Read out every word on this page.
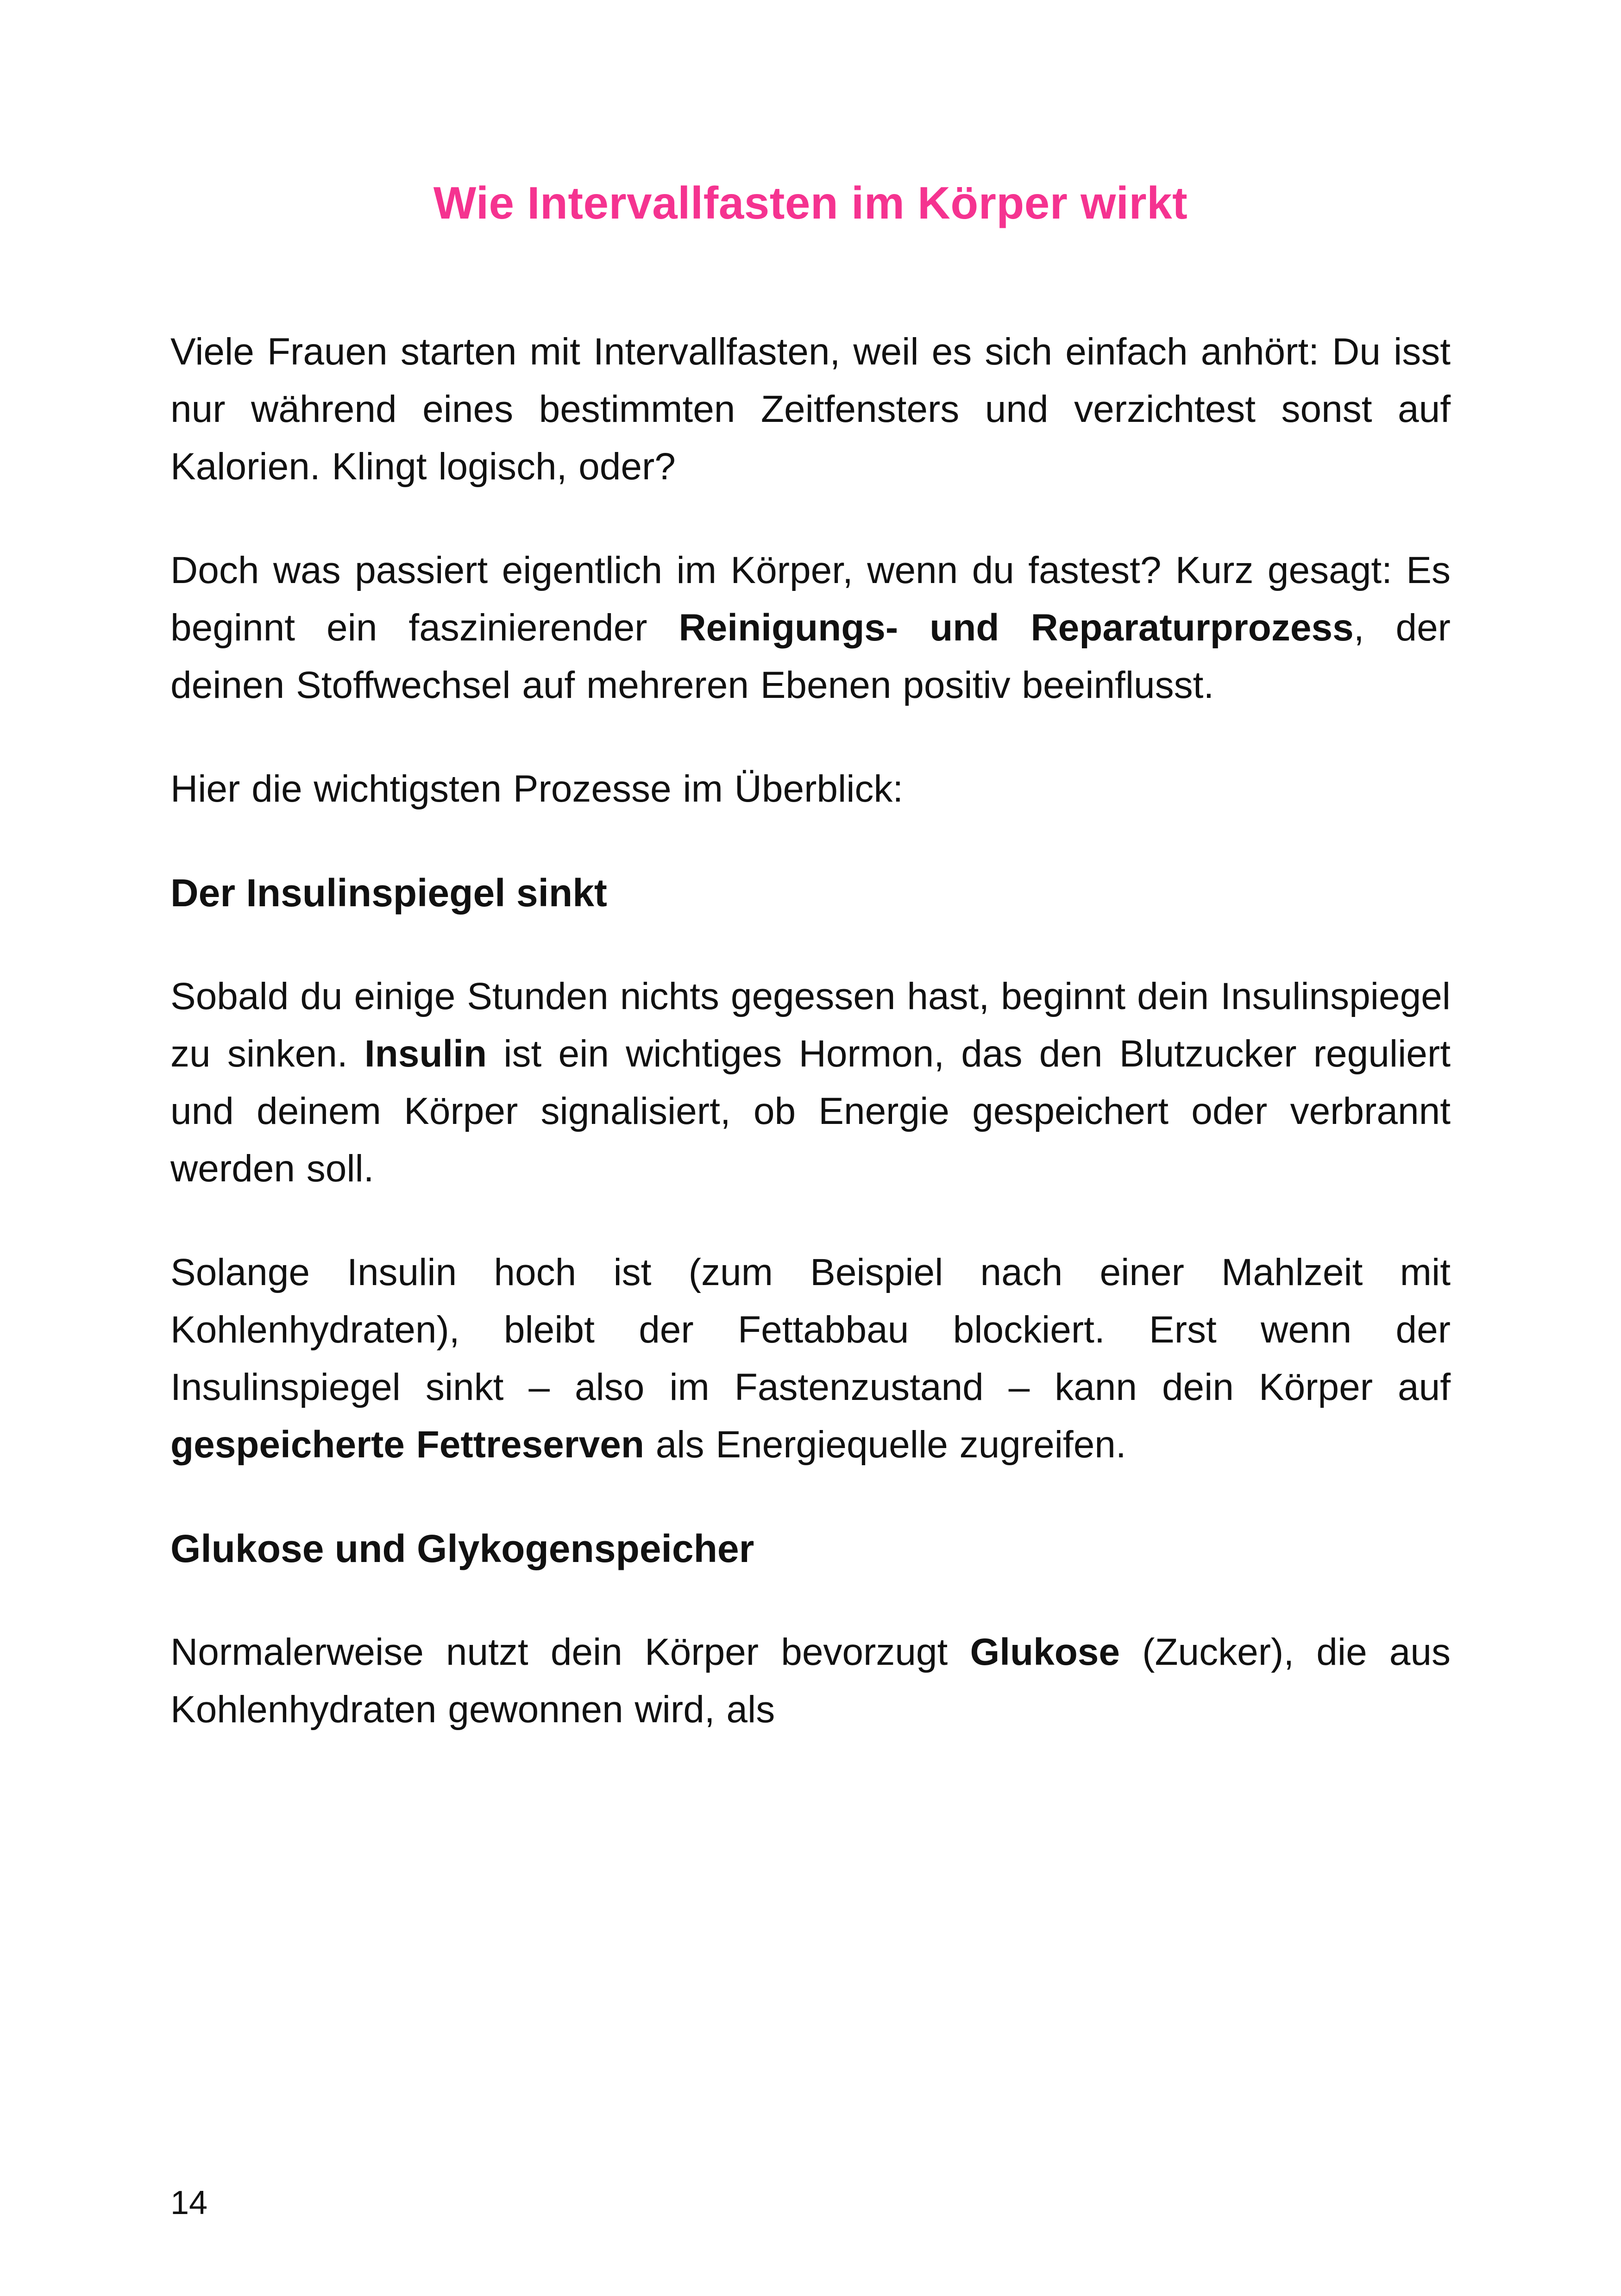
Wie Intervallfasten im Körper wirkt

Viele Frauen starten mit Intervallfasten, weil es sich einfach anhört: Du isst nur während eines bestimmten Zeitfensters und verzichtest sonst auf Kalorien. Klingt logisch, oder?

Doch was passiert eigentlich im Körper, wenn du fastest? Kurz gesagt: Es beginnt ein faszinierender Reinigungs- und Reparaturprozess, der deinen Stoffwechsel auf mehreren Ebenen positiv beeinflusst.

Hier die wichtigsten Prozesse im Überblick:

Der Insulinspiegel sinkt

Sobald du einige Stunden nichts gegessen hast, beginnt dein Insulinspiegel zu sinken. Insulin ist ein wichtiges Hormon, das den Blutzucker reguliert und deinem Körper signalisiert, ob Energie gespeichert oder verbrannt werden soll.

Solange Insulin hoch ist (zum Beispiel nach einer Mahlzeit mit Kohlenhydraten), bleibt der Fettabbau blockiert. Erst wenn der Insulinspiegel sinkt – also im Fastenzustand – kann dein Körper auf gespeicherte Fettreserven als Energiequelle zugreifen.

Glukose und Glykogenspeicher

Normalerweise nutzt dein Körper bevorzugt Glukose (Zucker), die aus Kohlenhydraten gewonnen wird, als

14
